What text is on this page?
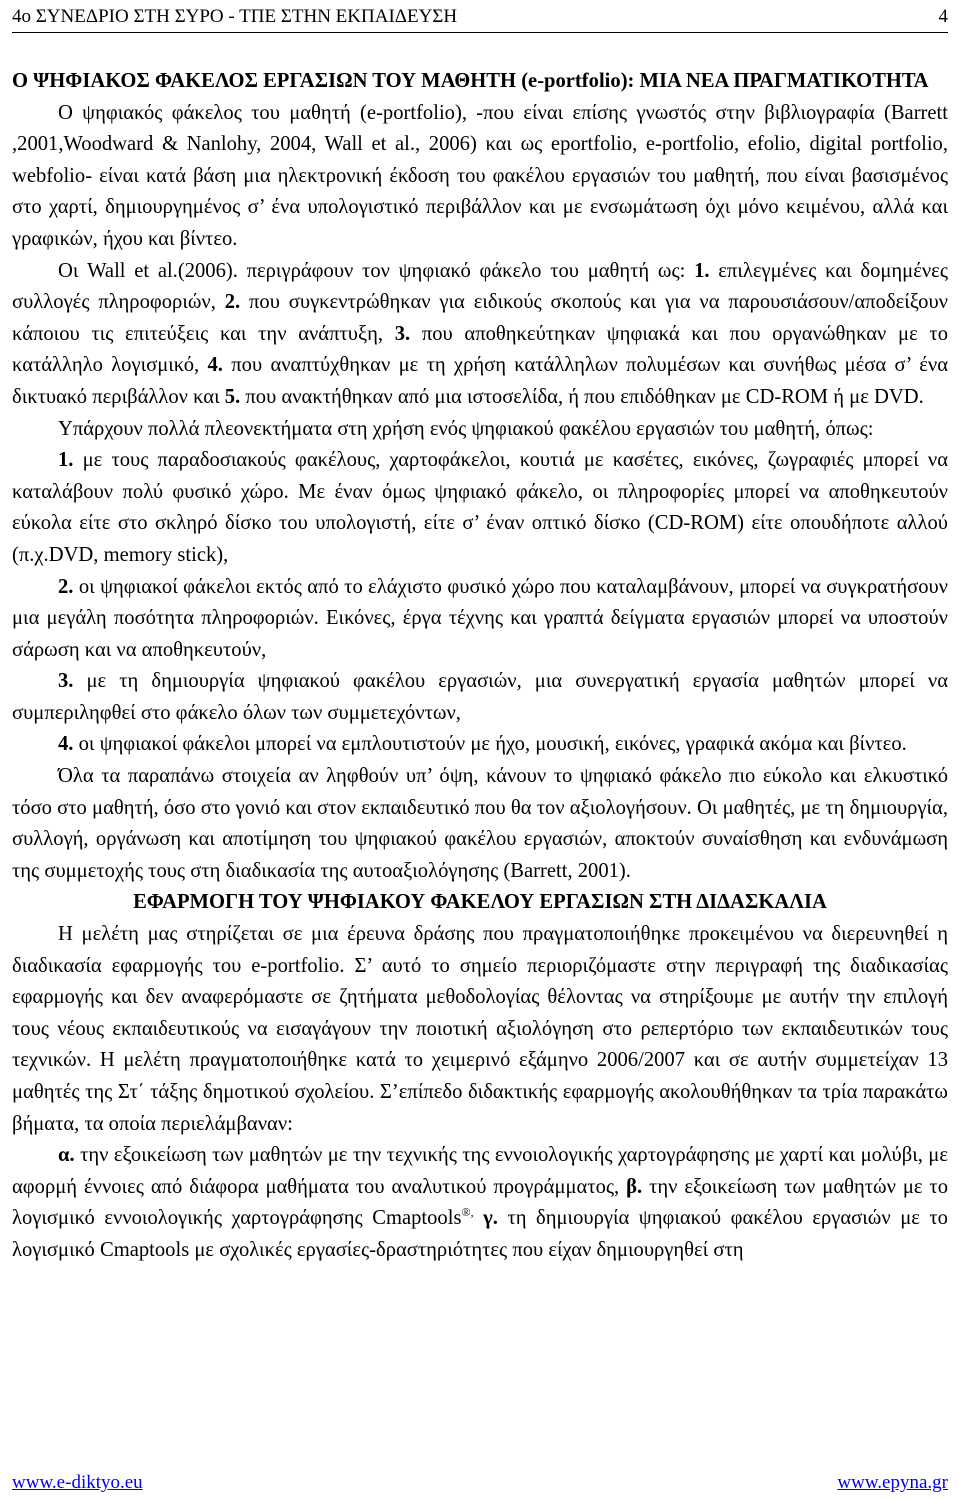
4ο ΣΥΝΕΔΡΙΟ ΣΤΗ ΣΥΡΟ - ΤΠΕ ΣΤΗΝ ΕΚΠΑΙΔΕΥΣΗ	4

Ο ΨΗΦΙΑΚΟΣ ΦΑΚΕΛΟΣ ΕΡΓΑΣΙΩΝ ΤΟΥ ΜΑΘΗΤΗ (e-portfolio): ΜΙΑ ΝΕΑ ΠΡΑΓΜΑΤΙΚΟΤΗΤΑ

Ο ψηφιακός φάκελος του μαθητή (e-portfolio), -που είναι επίσης γνωστός στην βιβλιογραφία (Barrett ,2001,Woodward & Nanlohy, 2004, Wall et al., 2006) και ως eportfolio, e-portfolio, efolio, digital portfolio, webfolio- είναι κατά βάση μια ηλεκτρονική έκδοση του φακέλου εργασιών του μαθητή, που είναι βασισμένος στο χαρτί, δημιουργημένος σ’ ένα υπολογιστικό περιβάλλον και με ενσωμάτωση όχι μόνο κειμένου, αλλά και γραφικών, ήχου και βίντεο.

Οι Wall et al.(2006). περιγράφουν τον ψηφιακό φάκελο του μαθητή ως: 1. επιλεγμένες και δομημένες συλλογές πληροφοριών, 2. που συγκεντρώθηκαν για ειδικούς σκοπούς και για να παρουσιάσουν/αποδείξουν κάποιου τις επιτεύξεις και την ανάπτυξη, 3. που αποθηκεύτηκαν ψηφιακά και που οργανώθηκαν με το κατάλληλο λογισμικό, 4. που αναπτύχθηκαν με τη χρήση κατάλληλων πολυμέσων και συνήθως μέσα σ’ ένα δικτυακό περιβάλλον και 5. που ανακτήθηκαν από μια ιστοσελίδα, ή που επιδόθηκαν με CD-ROM ή με DVD.

Υπάρχουν πολλά πλεονεκτήματα στη χρήση ενός ψηφιακού φακέλου εργασιών του μαθητή, όπως:

1. με τους παραδοσιακούς φακέλους, χαρτοφάκελοι, κουτιά με κασέτες, εικόνες, ζωγραφιές μπορεί να καταλάβουν πολύ φυσικό χώρο. Με έναν όμως ψηφιακό φάκελο, οι πληροφορίες μπορεί να αποθηκευτούν εύκολα είτε στο σκληρό δίσκο του υπολογιστή, είτε σ’ έναν οπτικό δίσκο (CD-ROM) είτε οπουδήποτε αλλού (π.χ.DVD, memory stick),

2. οι ψηφιακοί φάκελοι εκτός από το ελάχιστο φυσικό χώρο που καταλαμβάνουν, μπορεί να συγκρατήσουν μια μεγάλη ποσότητα πληροφοριών. Εικόνες, έργα τέχνης και γραπτά δείγματα εργασιών μπορεί να υποστούν σάρωση και να αποθηκευτούν,

3. με τη δημιουργία ψηφιακού φακέλου εργασιών, μια συνεργατική εργασία μαθητών μπορεί να συμπεριληφθεί στο φάκελο όλων των συμμετεχόντων,

4. οι ψηφιακοί φάκελοι μπορεί να εμπλουτιστούν με ήχο, μουσική, εικόνες, γραφικά ακόμα και βίντεο.

Όλα τα παραπάνω στοιχεία αν ληφθούν υπ’ όψη, κάνουν το ψηφιακό φάκελο πιο εύκολο και ελκυστικό τόσο στο μαθητή, όσο στο γονιό και στον εκπαιδευτικό που θα τον αξιολογήσουν. Οι μαθητές, με τη δημιουργία, συλλογή, οργάνωση και αποτίμηση του ψηφιακού φακέλου εργασιών, αποκτούν συναίσθηση και ενδυνάμωση της συμμετοχής τους στη διαδικασία της αυτοαξιολόγησης (Barrett, 2001).

ΕΦΑΡΜΟΓΗ ΤΟΥ ΨΗΦΙΑΚΟΥ ΦΑΚΕΛΟΥ ΕΡΓΑΣΙΩΝ ΣΤΗ ΔΙΔΑΣΚΑΛΙΑ

Η μελέτη μας στηρίζεται σε μια έρευνα δράσης που πραγματοποιήθηκε προκειμένου να διερευνηθεί η διαδικασία εφαρμογής του e-portfolio. Σ’ αυτό το σημείο περιοριζόμαστε στην περιγραφή της διαδικασίας εφαρμογής και δεν αναφερόμαστε σε ζητήματα μεθοδολογίας θέλοντας να στηρίξουμε με αυτήν την επιλογή τους νέους εκπαιδευτικούς να εισαγάγουν την ποιοτική αξιολόγηση στο ρεπερτόριο των εκπαιδευτικών τους τεχνικών. Η μελέτη πραγματοποιήθηκε κατά το χειμερινό εξάμηνο 2006/2007 και σε αυτήν συμμετείχαν 13 μαθητές της Στ΄ τάξης δημοτικού σχολείου. Σ’επίπεδο διδακτικής εφαρμογής ακολουθήθηκαν τα τρία παρακάτω βήματα, τα οποία περιελάμβαναν:

α. την εξοικείωση των μαθητών με την τεχνικής της εννοιολογικής χαρτογράφησης με χαρτί και μολύβι, με αφορμή έννοιες από διάφορα μαθήματα του αναλυτικού προγράμματος, β. την εξοικείωση των μαθητών με το λογισμικό εννοιολογικής χαρτογράφησης Cmaptools®, γ. τη δημιουργία ψηφιακού φακέλου εργασιών με το λογισμικό Cmaptools με σχολικές εργασίες-δραστηριότητες που είχαν δημιουργηθεί στη

www.e-diktyo.eu	www.epyna.gr
